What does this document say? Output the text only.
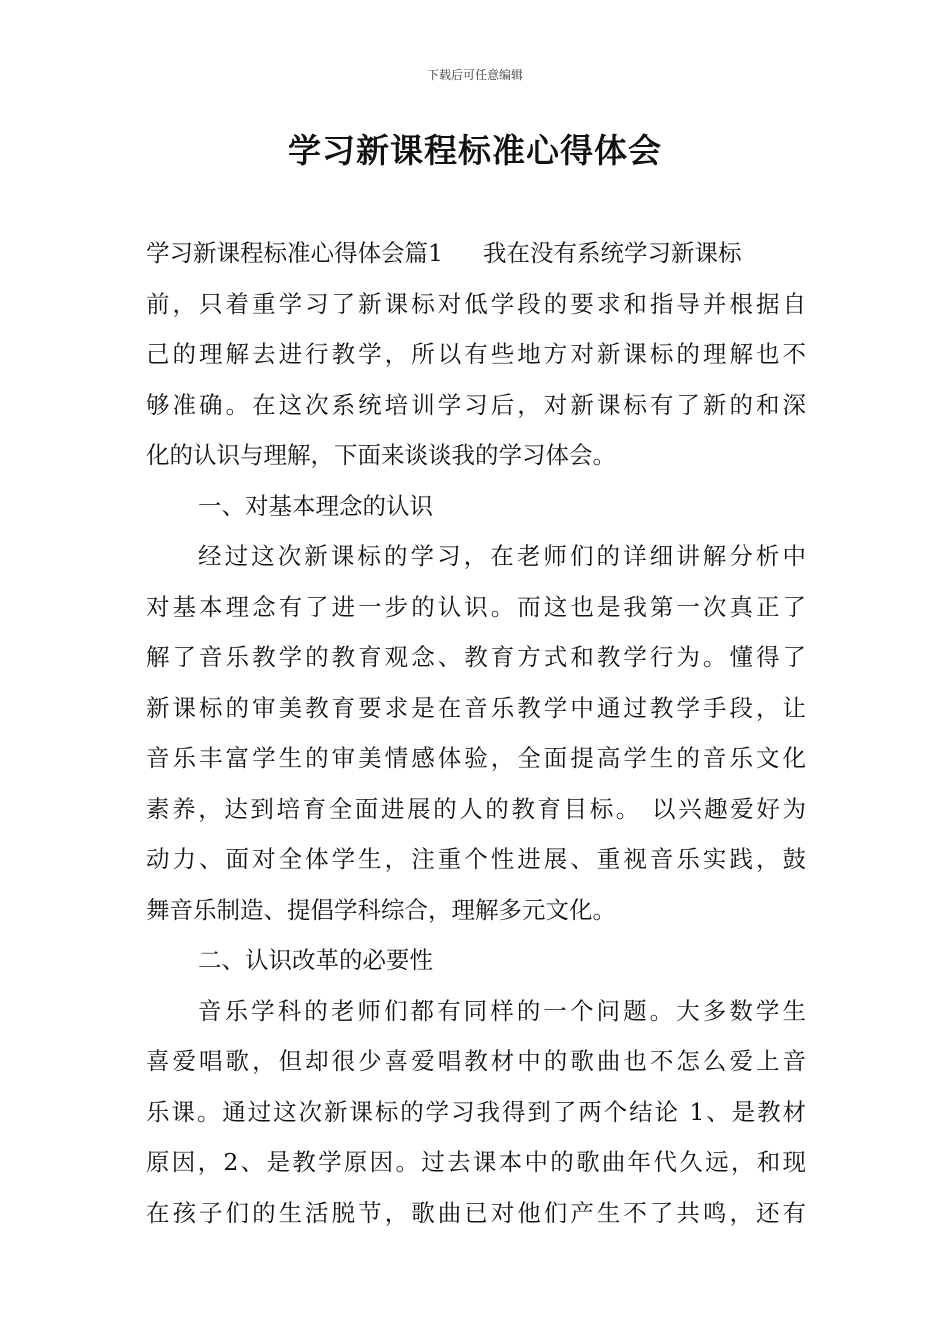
下载后可任意编辑
学习新课程标准心得体会
学习新课程标准心得体会篇1 我在没有系统学习新课标
前，只着重学习了新课标对低学段的要求和指导并根据自
己的理解去进行教学，所以有些地方对新课标的理解也不
够准确。在这次系统培训学习后，对新课标有了新的和深
化的认识与理解，下面来谈谈我的学习体会。
一、对基本理念的认识
经过这次新课标的学习，在老师们的详细讲解分析中
对基本理念有了进一步的认识。而这也是我第一次真正了
解了音乐教学的教育观念、教育方式和教学行为。懂得了
新课标的审美教育要求是在音乐教学中通过教学手段，让
音乐丰富学生的审美情感体验，全面提高学生的音乐文化
素养，达到培育全面进展的人的教育目标。 以兴趣爱好为
动力、面对全体学生，注重个性进展、重视音乐实践，鼓
舞音乐制造、提倡学科综合，理解多元文化。
二、认识改革的必要性
音乐学科的老师们都有同样的一个问题。大多数学生
喜爱唱歌，但却很少喜爱唱教材中的歌曲也不怎么爱上音
乐课。通过这次新课标的学习我得到了两个结论 1、是教材
原因，2、是教学原因。过去课本中的歌曲年代久远，和现
在孩子们的生活脱节，歌曲已对他们产生不了共鸣，还有
